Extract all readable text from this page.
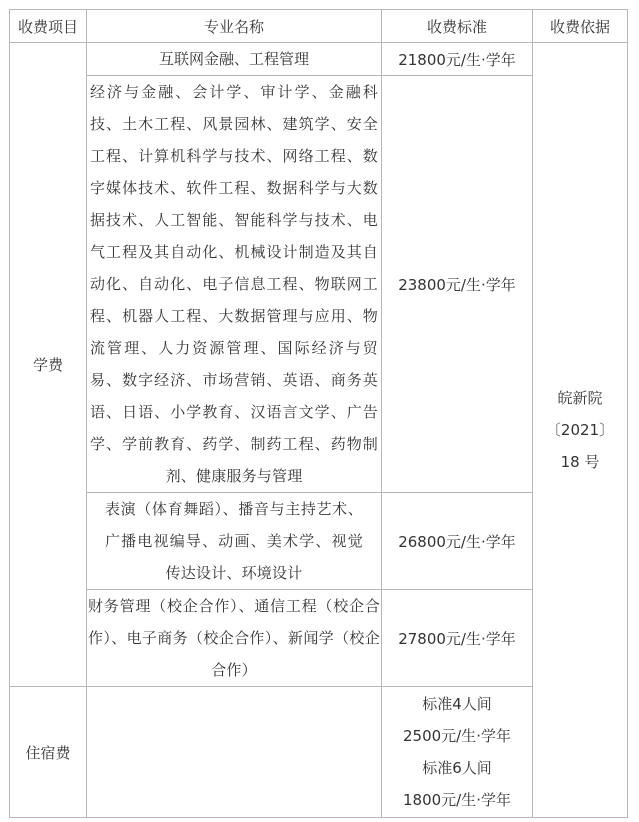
收费项目	专业名称	收费标准	收费依据
学费	互联网金融、工程管理	21800元/生·学年	皖新院
〔2021〕
18 号

	经济与金融、会计学、审计学、金融科技、土木工程、风景园林、建筑学、安全工程、计算机科学与技术、网络工程、数字媒体技术、软件工程、数据科学与大数据技术、人工智能、智能科学与技术、电气工程及其自动化、机械设计制造及其自动化、自动化、电子信息工程、物联网工程、机器人工程、大数据管理与应用、物流管理、人力资源管理、国际经济与贸易、数字经济、市场营销、英语、商务英语、日语、小学教育、汉语言文学、广告学、学前教育、药学、制药工程、药物制剂、健康服务与管理	23800元/生·学年	

	表演（体育舞蹈）、播音与主持艺术、广播电视编导、动画、美术学、视觉传达设计、环境设计	26800元/生·学年	

	财务管理（校企合作）、通信工程（校企合作）、电子商务（校企合作）、新闻学（校企合作）	27800元/生·学年	
住宿费		标准4人间
2500元/生·学年
标准6人间
1800元/生·学年	
